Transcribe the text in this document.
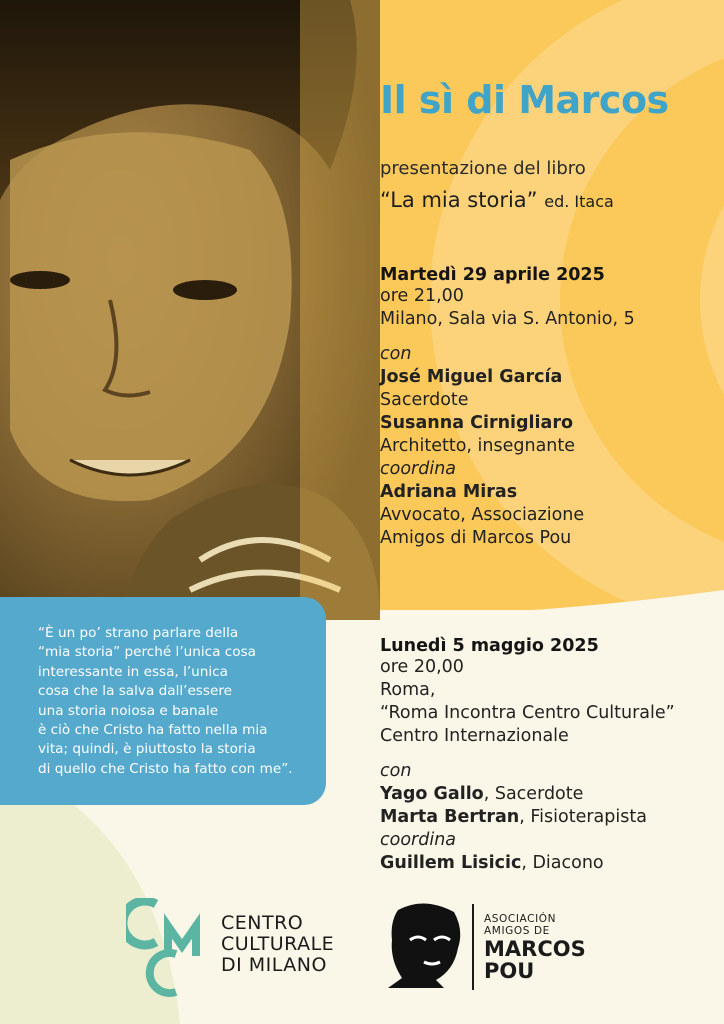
Il sì di Marcos
presentazione del libro
“La mia storia” ed. Itaca
Martedì 29 aprile 2025
ore 21,00
Milano, Sala via S. Antonio, 5
con
José Miguel García
Sacerdote
Susanna Cirnigliaro
Architetto, insegnante
coordina
Adriana Miras
Avvocato, Associazione
Amigos di Marcos Pou
“È un po’ strano parlare della
“mia storia” perché l’unica cosa
interessante in essa, l’unica
cosa che la salva dall’essere
una storia noiosa e banale
è ciò che Cristo ha fatto nella mia
vita; quindi, è piuttosto la storia
di quello che Cristo ha fatto con me”.
Lunedì 5 maggio 2025
ore 20,00
Roma,
“Roma Incontra Centro Culturale”
Centro Internazionale
con
Yago Gallo, Sacerdote
Marta Bertran, Fisioterapista
coordina
Guillem Lisicic, Diacono
CENTRO
CULTURALE
DI MILANO
ASOCIACIÓN
AMIGOS DE
MARCOS
POU
